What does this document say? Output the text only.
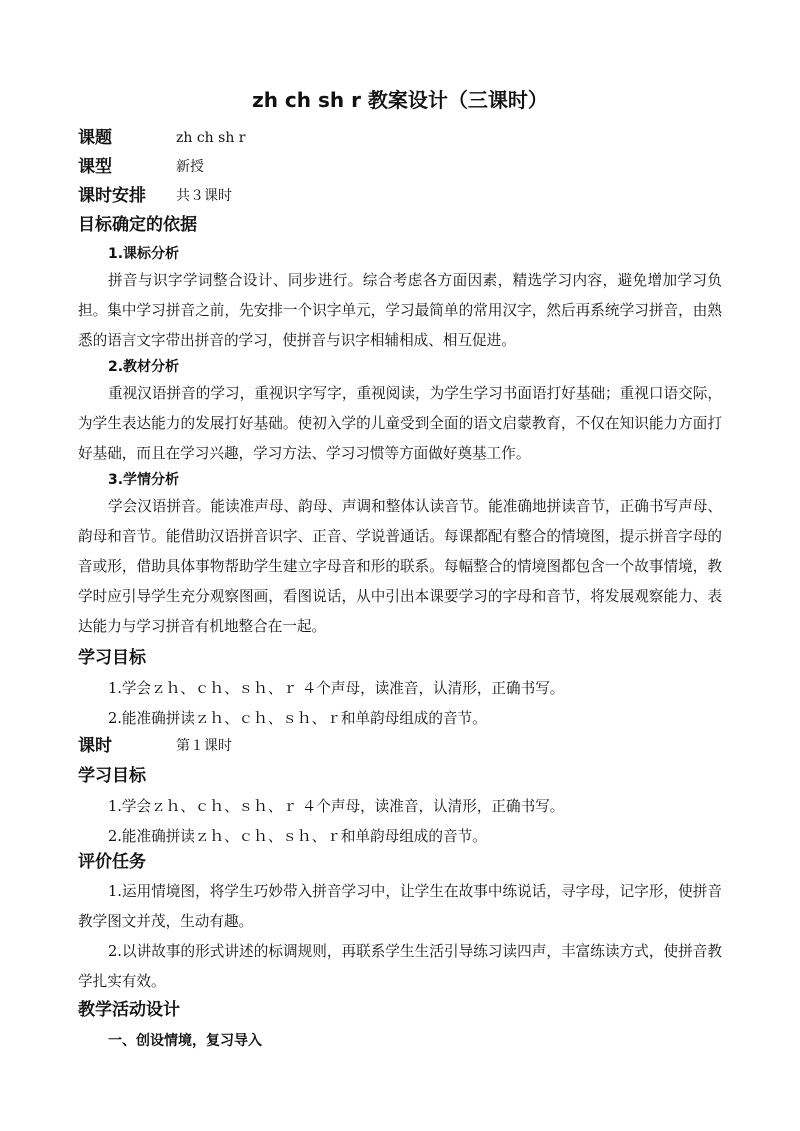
zh ch sh r 教案设计（三课时）
课题	zh ch sh r
课型	新授
课时安排 共３课时
目标确定的依据
1.课标分析

拼音与识字学词整合设计、同步进行。综合考虑各方面因素，精选学习内容，避免增加学习负担。集中学习拼音之前，先安排一个识字单元，学习最简单的常用汉字，然后再系统学习拼音，由熟悉的语言文字带出拼音的学习，使拼音与识字相辅相成、相互促进。

2.教材分析

重视汉语拼音的学习，重视识字写字，重视阅读，为学生学习书面语打好基础；重视口语交际，为学生表达能力的发展打好基础。使初入学的儿童受到全面的语文启蒙教育，不仅在知识能力方面打好基础，而且在学习兴趣，学习方法、学习习惯等方面做好奠基工作。

3.学情分析

学会汉语拼音。能读准声母、韵母、声调和整体认读音节。能准确地拼读音节，正确书写声母、韵母和音节。能借助汉语拼音识字、正音、学说普通话。每课都配有整合的情境图，提示拼音字母的音或形，借助具体事物帮助学生建立字母音和形的联系。每幅整合的情境图都包含一个故事情境，教学时应引导学生充分观察图画，看图说话，从中引出本课要学习的字母和音节，将发展观察能力、表达能力与学习拼音有机地整合在一起。

学习目标

1.学会ｚｈ、ｃｈ、ｓｈ、ｒ ４个声母，读准音，认清形，正确书写。

2.能准确拼读ｚｈ、ｃｈ、ｓｈ、ｒ和单韵母组成的音节。

课时	第１课时
学习目标

1.学会ｚｈ、ｃｈ、ｓｈ、ｒ ４个声母，读准音，认清形，正确书写。

2.能准确拼读ｚｈ、ｃｈ、ｓｈ、ｒ和单韵母组成的音节。

评价任务

1.运用情境图，将学生巧妙带入拼音学习中，让学生在故事中练说话，寻字母，记字形，使拼音教学图文并茂，生动有趣。

2.以讲故事的形式讲述的标调规则，再联系学生生活引导练习读四声，丰富练读方式，使拼音教学扎实有效。

教学活动设计
一、创设情境，复习导入
